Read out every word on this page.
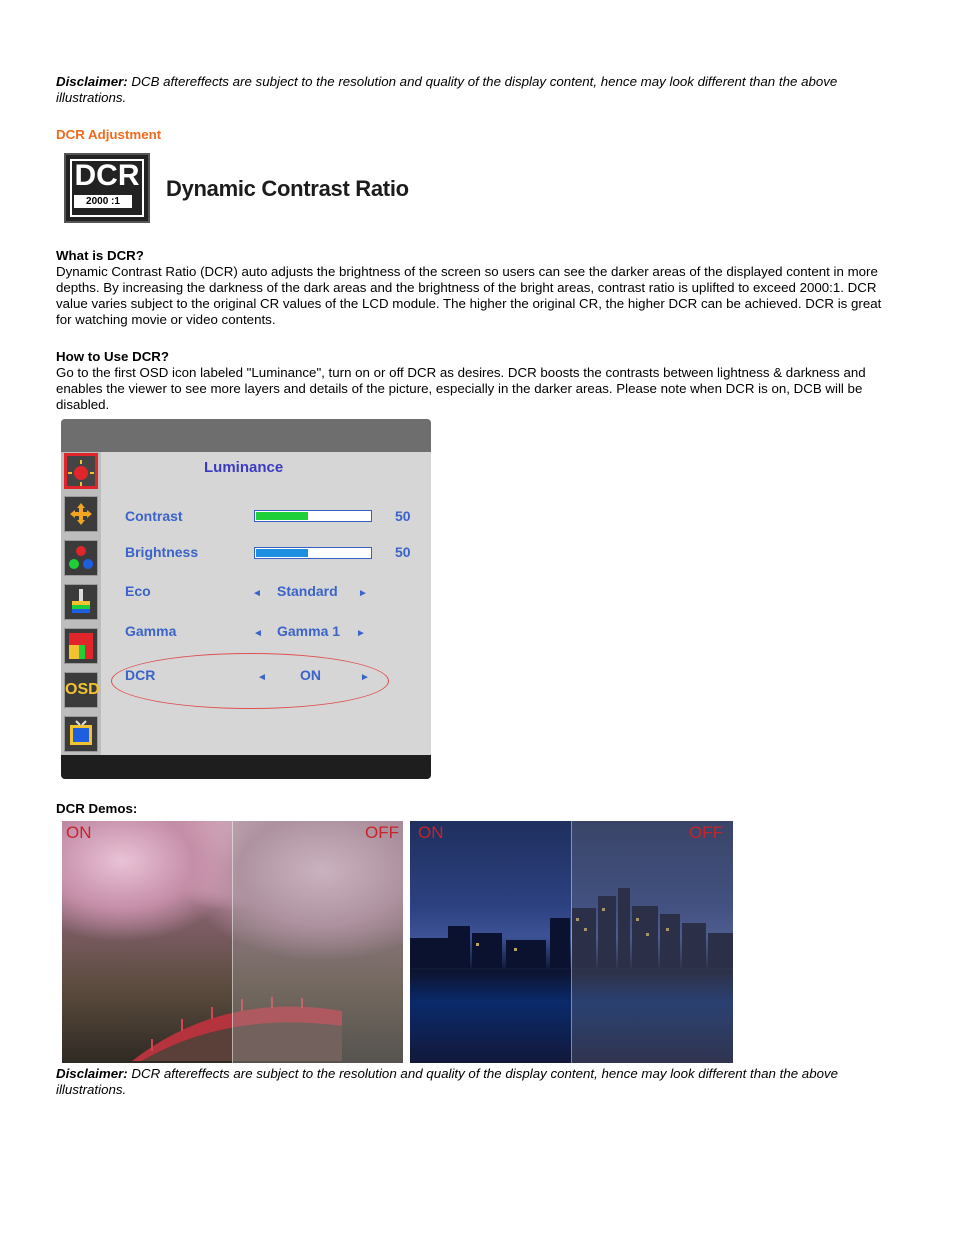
Disclaimer: DCB aftereffects are subject to the resolution and quality of the display content, hence may look different than the above illustrations.
DCR Adjustment
DCR
2000 :1
Dynamic Contrast Ratio
What is DCR?
Dynamic Contrast Ratio (DCR) auto adjusts the brightness of the screen so users can see the darker areas of the displayed content in more depths. By increasing the darkness of the dark areas and the brightness of the bright areas, contrast ratio is uplifted to exceed 2000:1. DCR value varies subject to the original CR values of the LCD module. The higher the original CR, the higher DCR can be achieved. DCR is great for watching movie or video contents.
How to Use DCR?
Go to the first OSD icon labeled "Luminance", turn on or off DCR as desires. DCR boosts the contrasts between lightness & darkness and enables the viewer to see more layers and details of the picture, especially in the darker areas. Please note when DCR is on, DCB will be disabled.
OSD
Luminance
Contrast	50
Brightness	50
Eco	◄ Standard ►
Gamma	◄ Gamma 1 ►
DCR	◄ ON	►
DCR Demos:
ON	OFF ON	OFF
Disclaimer: DCR aftereffects are subject to the resolution and quality of the display content, hence may look different than the above illustrations.
